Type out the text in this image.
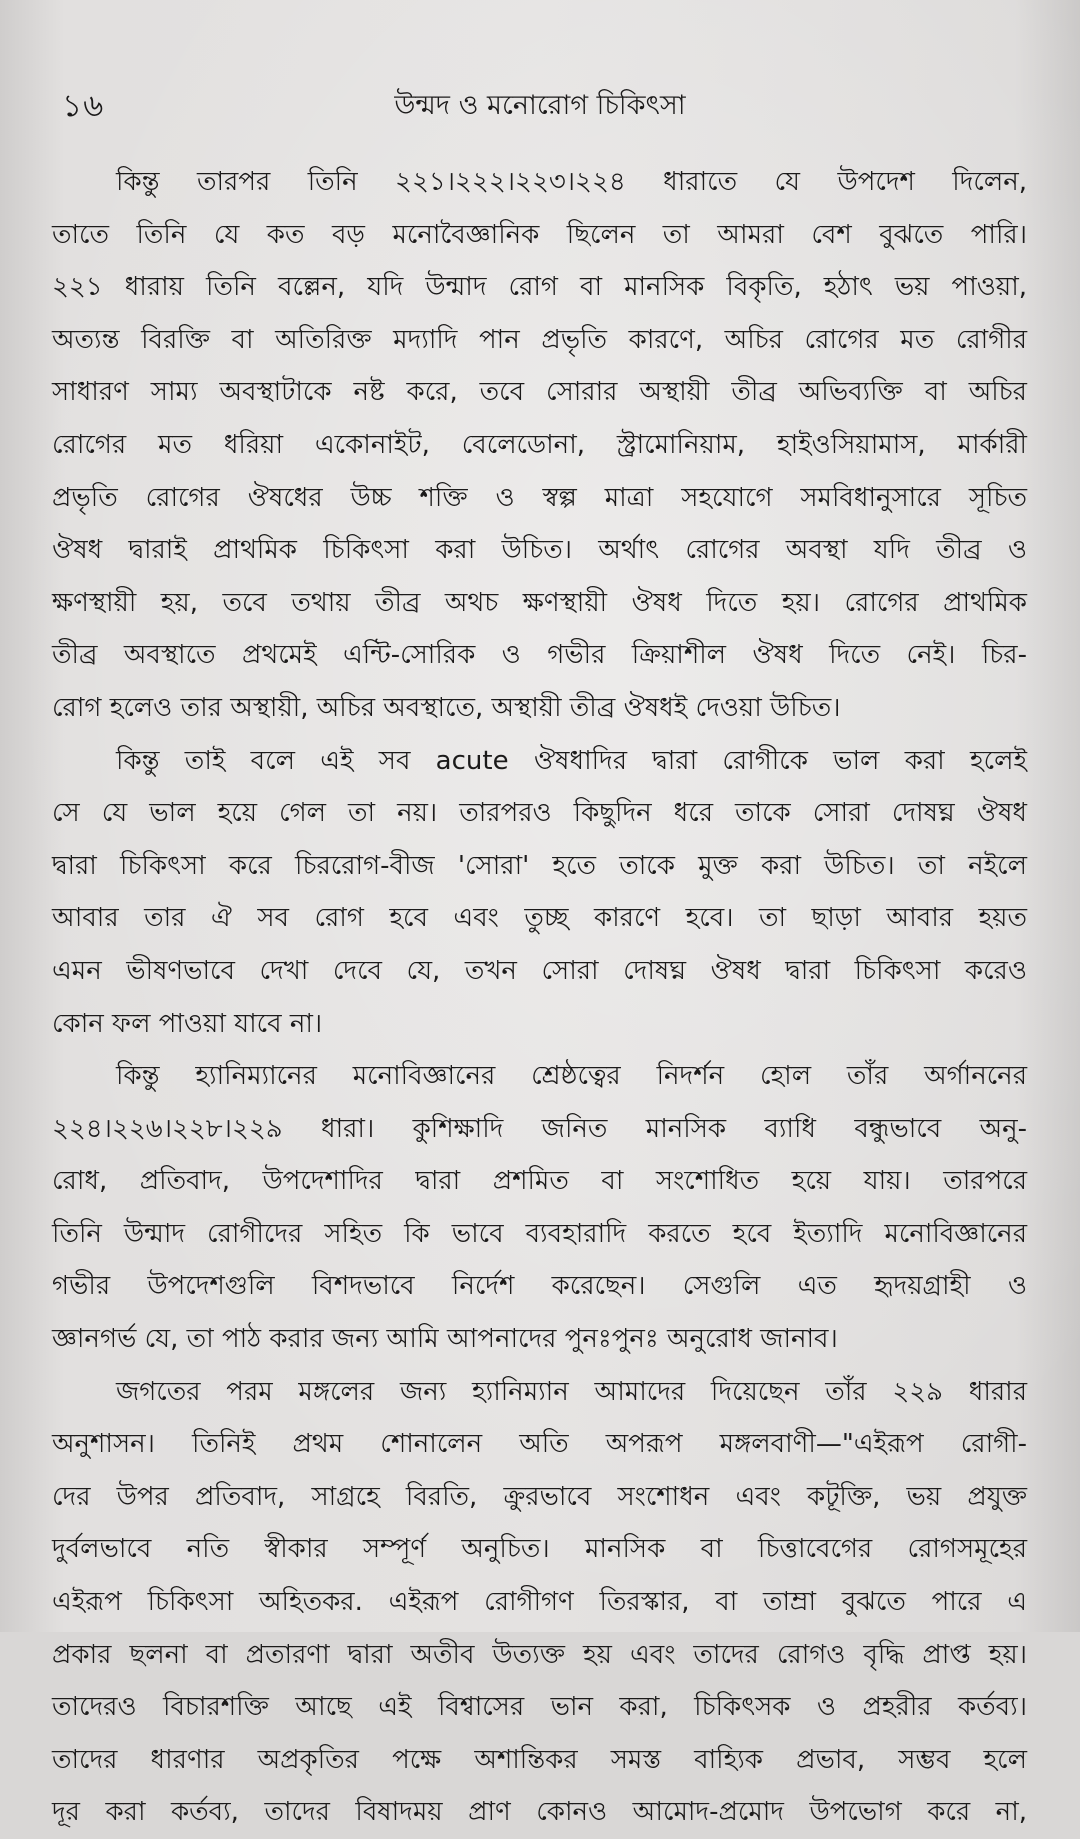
১৬	উন্মদ ও মনোরোগ চিকিৎসা
কিন্তু তারপর তিনি ২২১।২২২।২২৩।২২৪ ধারাতে যে উপদেশ দিলেন,
তাতে তিনি যে কত বড় মনোবৈজ্ঞানিক ছিলেন তা আমরা বেশ বুঝতে পারি।
২২১ ধারায় তিনি বল্লেন, যদি উন্মাদ রোগ বা মানসিক বিকৃতি, হঠাৎ ভয় পাওয়া,
অত্যন্ত বিরক্তি বা অতিরিক্ত মদ্যাদি পান প্রভৃতি কারণে, অচির রোগের মত রোগীর
সাধারণ সাম্য অবস্থাটাকে নষ্ট করে, তবে সোরার অস্থায়ী তীব্র অভিব্যক্তি বা অচির
রোগের মত ধরিয়া একোনাইট, বেলেডোনা, স্ট্রামোনিয়াম, হাইওসিয়ামাস, মার্কারী
প্রভৃতি রোগের ঔষধের উচ্চ শক্তি ও স্বল্প মাত্রা সহযোগে সমবিধানুসারে সূচিত
ঔষধ দ্বারাই প্রাথমিক চিকিৎসা করা উচিত। অর্থাৎ রোগের অবস্থা যদি তীব্র ও
ক্ষণস্থায়ী হয়, তবে তথায় তীব্র অথচ ক্ষণস্থায়ী ঔষধ দিতে হয়। রোগের প্রাথমিক
তীব্র অবস্থাতে প্রথমেই এন্টি-সোরিক ও গভীর ক্রিয়াশীল ঔষধ দিতে নেই। চির-
রোগ হলেও তার অস্থায়ী, অচির অবস্থাতে, অস্থায়ী তীব্র ঔষধই দেওয়া উচিত।
কিন্তু তাই বলে এই সব acute ঔষধাদির দ্বারা রোগীকে ভাল করা হলেই
সে যে ভাল হয়ে গেল তা নয়। তারপরও কিছুদিন ধরে তাকে সোরা দোষঘ্ন ঔষধ
দ্বারা চিকিৎসা করে চিররোগ-বীজ 'সোরা' হতে তাকে মুক্ত করা উচিত। তা নইলে
আবার তার ঐ সব রোগ হবে এবং তুচ্ছ কারণে হবে। তা ছাড়া আবার হয়ত
এমন ভীষণভাবে দেখা দেবে যে, তখন সোরা দোষঘ্ন ঔষধ দ্বারা চিকিৎসা করেও
কোন ফল পাওয়া যাবে না।
কিন্তু হ্যানিম্যানের মনোবিজ্ঞানের শ্রেষ্ঠত্বের নিদর্শন হোল তাঁর অর্গাননের
২২৪।২২৬।২২৮।২২৯ ধারা। কুশিক্ষাদি জনিত মানসিক ব্যাধি বন্ধুভাবে অনু-
রোধ, প্রতিবাদ, উপদেশাদির দ্বারা প্রশমিত বা সংশোধিত হয়ে যায়। তারপরে
তিনি উন্মাদ রোগীদের সহিত কি ভাবে ব্যবহারাদি করতে হবে ইত্যাদি মনোবিজ্ঞানের
গভীর উপদেশগুলি বিশদভাবে নির্দেশ করেছেন। সেগুলি এত হৃদয়গ্রাহী ও
জ্ঞানগর্ভ যে, তা পাঠ করার জন্য আমি আপনাদের পুনঃপুনঃ অনুরোধ জানাব।
জগতের পরম মঙ্গলের জন্য হ্যানিম্যান আমাদের দিয়েছেন তাঁর ২২৯ ধারার
অনুশাসন। তিনিই প্রথম শোনালেন অতি অপরূপ মঙ্গলবাণী—"এইরূপ রোগী-
দের উপর প্রতিবাদ, সাগ্রহে বিরতি, ক্রুরভাবে সংশোধন এবং কটূক্তি, ভয় প্রযুক্ত
দুর্বলভাবে নতি স্বীকার সম্পূর্ণ অনুচিত। মানসিক বা চিত্তাবেগের রোগসমূহের
এইরূপ চিকিৎসা অহিতকর. এইরূপ রোগীগণ তিরস্কার, বা তাম্রা বুঝতে পারে এ
প্রকার ছলনা বা প্রতারণা দ্বারা অতীব উত্যক্ত হয় এবং তাদের রোগও বৃদ্ধি প্রাপ্ত হয়।
তাদেরও বিচারশক্তি আছে এই বিশ্বাসের ভান করা, চিকিৎসক ও প্রহরীর কর্তব্য।
তাদের ধারণার অপ্রকৃতির পক্ষে অশান্তিকর সমস্ত বাহ্যিক প্রভাব, সম্ভব হলে
দূর করা কর্তব্য, তাদের বিষাদময় প্রাণ কোনও আমোদ-প্রমোদ উপভোগ করে না,
